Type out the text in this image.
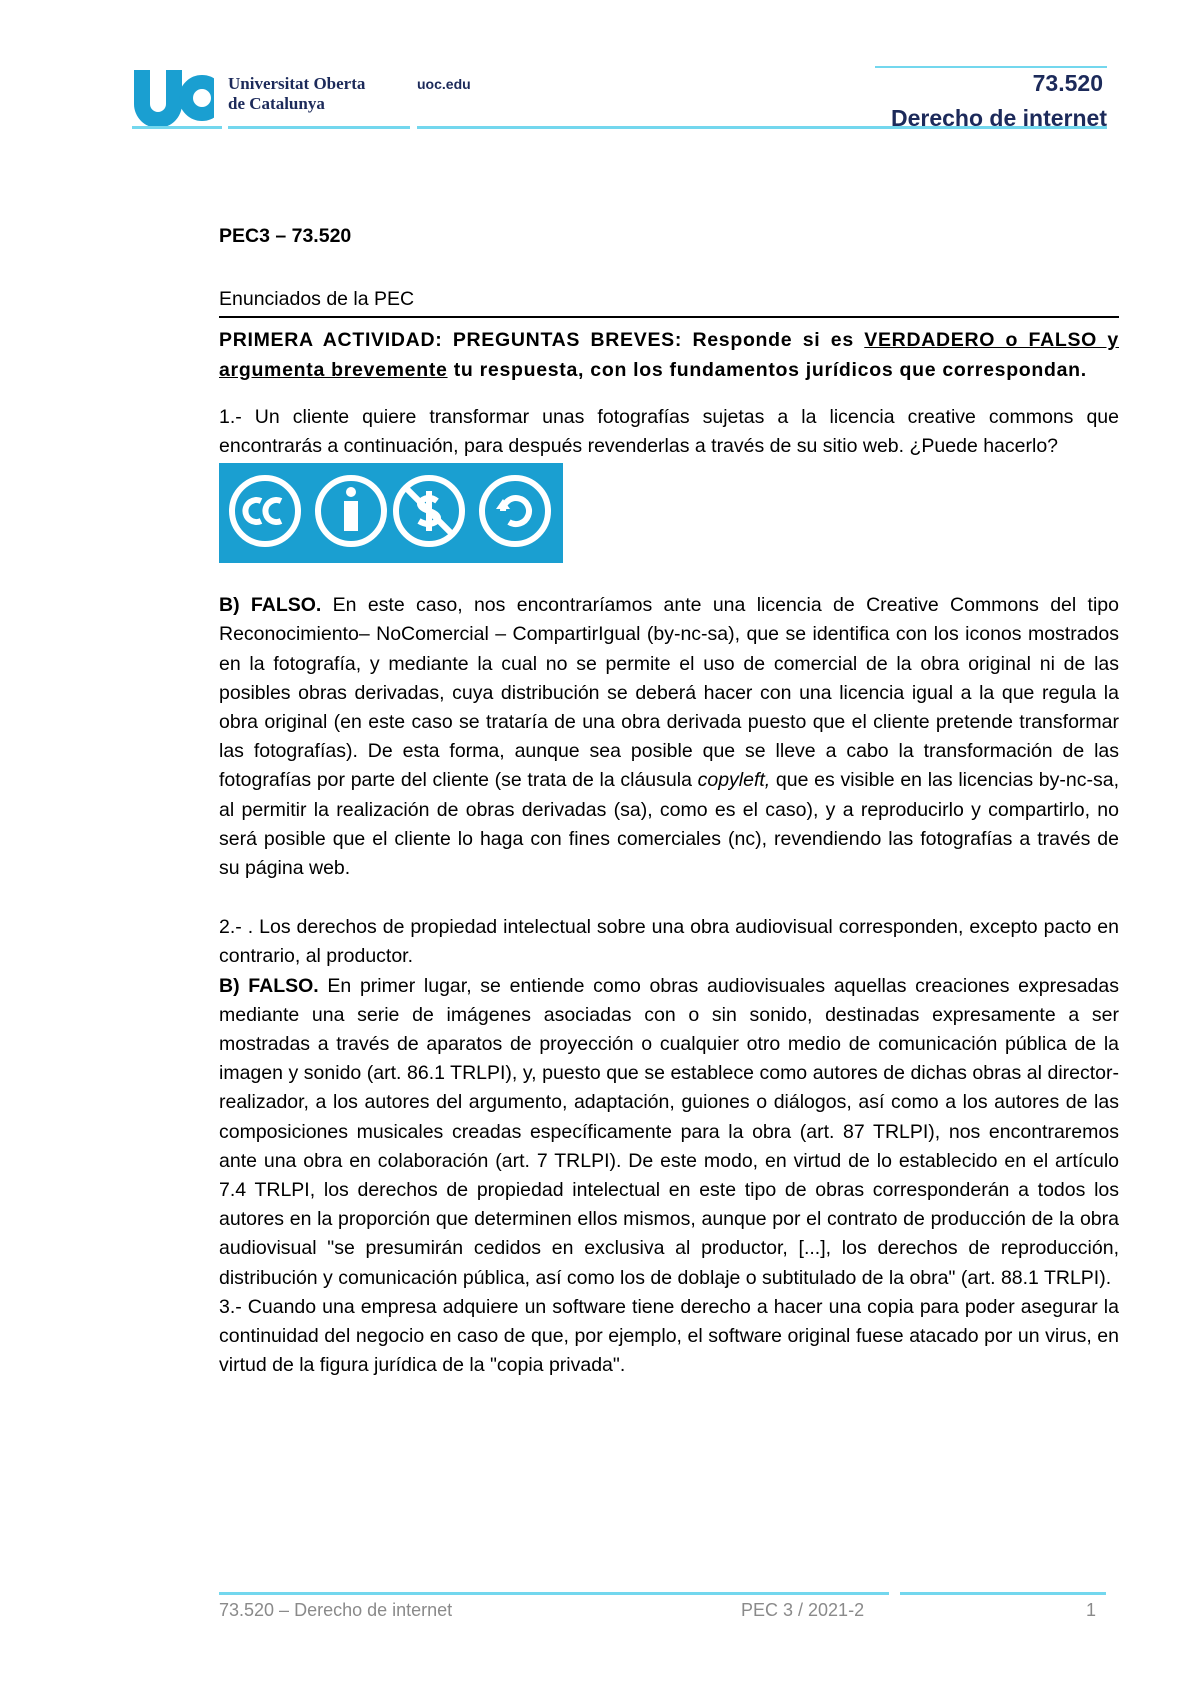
Universitat Oberta
de Catalunya
uoc.edu	73.520
Derecho de internet
PEC3 – 73.520
Enunciados de la PEC

PRIMERA ACTIVIDAD: PREGUNTAS BREVES: Responde si es VERDADERO o FALSO y argumenta brevemente tu respuesta, con los fundamentos jurídicos que correspondan.

1.- Un cliente quiere transformar unas fotografías sujetas a la licencia creative commons que encontrarás a continuación, para después revenderlas a través de su sitio web. ¿Puede hacerlo?

B) FALSO. En este caso, nos encontraríamos ante una licencia de Creative Commons del tipo Reconocimiento– NoComercial – CompartirIgual (by-nc-sa), que se identifica con los iconos mostrados en la fotografía, y mediante la cual no se permite el uso de comercial de la obra original ni de las posibles obras derivadas, cuya distribución se deberá hacer con una licencia igual a la que regula la obra original (en este caso se trataría de una obra derivada puesto que el cliente pretende transformar las fotografías). De esta forma, aunque sea posible que se lleve a cabo la transformación de las fotografías por parte del cliente (se trata de la cláusula copyleft, que es visible en las licencias by-nc-sa, al permitir la realización de obras derivadas (sa), como es el caso), y a reproducirlo y compartirlo, no será posible que el cliente lo haga con fines comerciales (nc), revendiendo las fotografías a través de su página web.

2.- . Los derechos de propiedad intelectual sobre una obra audiovisual corresponden, excepto pacto en contrario, al productor.

B) FALSO. En primer lugar, se entiende como obras audiovisuales aquellas creaciones expresadas mediante una serie de imágenes asociadas con o sin sonido, destinadas expresamente a ser mostradas a través de aparatos de proyección o cualquier otro medio de comunicación pública de la imagen y sonido (art. 86.1 TRLPI), y, puesto que se establece como autores de dichas obras al director-realizador, a los autores del argumento, adaptación, guiones o diálogos, así como a los autores de las composiciones musicales creadas específicamente para la obra (art. 87 TRLPI), nos encontraremos ante una obra en colaboración (art. 7 TRLPI). De este modo, en virtud de lo establecido en el artículo 7.4 TRLPI, los derechos de propiedad intelectual en este tipo de obras corresponderán a todos los autores en la proporción que determinen ellos mismos, aunque por el contrato de producción de la obra audiovisual "se presumirán cedidos en exclusiva al productor, [...], los derechos de reproducción, distribución y comunicación pública, así como los de doblaje o subtitulado de la obra" (art. 88.1 TRLPI).

3.- Cuando una empresa adquiere un software tiene derecho a hacer una copia para poder asegurar la continuidad del negocio en caso de que, por ejemplo, el software original fuese atacado por un virus, en virtud de la figura jurídica de la "copia privada".

73.520 – Derecho de internet	PEC 3 / 2021-2	1
